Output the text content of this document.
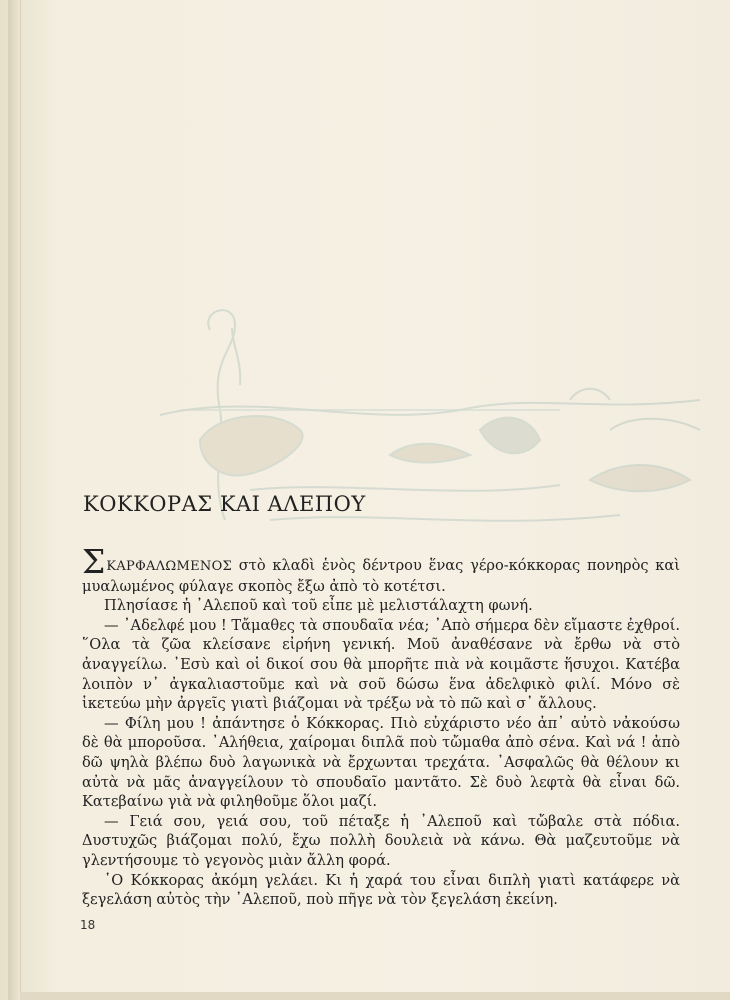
ΚΟΚΚΟΡΑΣ ΚΑΙ ΑΛΕΠΟΥ

ΣΚΑΡΦΑΛΩΜΕΝΟΣ στὸ κλαδὶ ἑνὸς δέντρου ἕνας γέρο-κόκκορας πονηρὸς καὶ μυαλωμένος φύλαγε σκοπὸς ἔξω ἀπὸ τὸ κοτέτσι.

Πλησίασε ἡ ᾿Αλεποῦ καὶ τοῦ εἶπε μὲ μελιστάλαχτη φωνή.

— ᾿Αδελφέ μου ! Τἄμαθες τὰ σπουδαῖα νέα; ᾿Απὸ σήμερα δὲν εἴμαστε ἐχθροί. ῞Ολα τὰ ζῶα κλείσανε εἰρήνη γενική. Μοῦ ἀναθέσανε νὰ ἔρθω νὰ στὸ ἀναγγείλω. ᾿Εσὺ καὶ οἱ δικοί σου θὰ μπορῆτε πιὰ νὰ κοιμᾶστε ἥσυχοι. Κατέβα λοιπὸν ν᾿ ἀγκαλιαστοῦμε καὶ νὰ σοῦ δώσω ἕνα ἀδελφικὸ φιλί. Μόνο σὲ ἱκετεύω μὴν ἀργεῖς γιατὶ βιάζομαι νὰ τρέξω νὰ τὸ πῶ καὶ σ᾿ ἄλλους.

— Φίλη μου ! ἀπάντησε ὁ Κόκκορας. Πιὸ εὐχάριστο νέο ἀπ᾿ αὐτὸ νἀκούσω δὲ θὰ μποροῦσα. ᾿Αλήθεια, χαίρομαι διπλᾶ ποὺ τὤμαθα ἀπὸ σένα. Καὶ νά ! ἀπὸ δῶ ψηλὰ βλέπω δυὸ λαγωνικὰ νὰ ἔρχωνται τρεχάτα. ᾿Ασφαλῶς θὰ θέλουν κι αὐτὰ νὰ μᾶς ἀναγγείλουν τὸ σπουδαῖο μαντᾶτο. Σὲ δυὸ λεφτὰ θὰ εἶναι δῶ. Κατεβαίνω γιὰ νὰ φιληθοῦμε ὅλοι μαζί.

— Γειά σου, γειά σου, τοῦ πέταξε ἡ ᾿Αλεποῦ καὶ τὤβαλε στὰ πόδια. Δυστυχῶς βιάζομαι πολύ, ἔχω πολλὴ δουλειὰ νὰ κάνω. Θὰ μαζευτοῦμε νὰ γλεντήσουμε τὸ γεγονὸς μιὰν ἄλλη φορά.

῾Ο Κόκκορας ἀκόμη γελάει. Κι ἡ χαρά του εἶναι διπλὴ γιατὶ κατάφερε νὰ ξεγελάση αὐτὸς τὴν ᾿Αλεποῦ, ποὺ πῆγε νὰ τὸν ξεγελάση ἐκείνη.

18
